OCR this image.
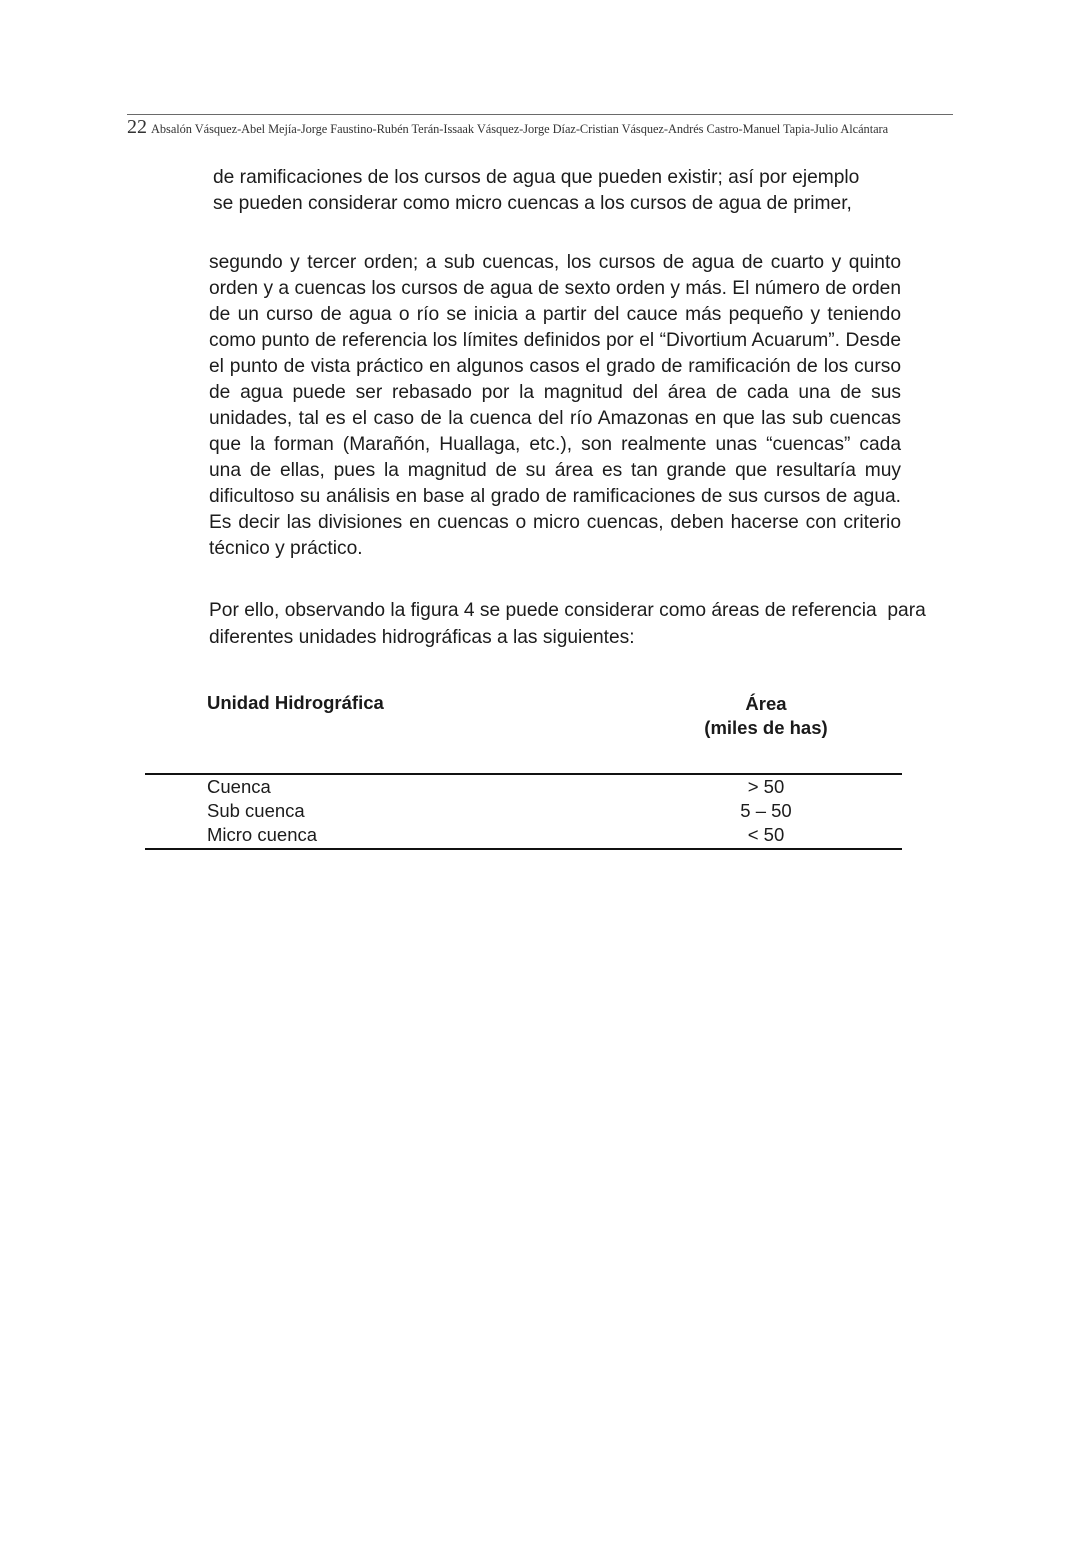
22 Absalón Vásquez-Abel Mejía-Jorge Faustino-Rubén Terán-Issaak Vásquez-Jorge Díaz-Cristian Vásquez-Andrés Castro-Manuel Tapia-Julio Alcántara
de ramificaciones de los cursos de agua que pueden existir; así por ejemplo
se pueden considerar como micro cuencas a los cursos de agua de primer,
segundo y tercer orden; a sub cuencas, los cursos de agua de cuarto y quinto orden y a cuencas los cursos de agua de sexto orden y más. El número de orden de un curso de agua o río se inicia a partir del cauce más pequeño y teniendo como punto de referencia los límites definidos por el “Divortium Acuarum”. Desde el punto de vista práctico en algunos casos el grado de ramificación de los curso de agua puede ser rebasado por la magnitud del área de cada una de sus unidades, tal es el caso de la cuenca del río Amazonas en que las sub cuencas que la forman (Marañón, Huallaga, etc.), son realmente unas “cuencas” cada una de ellas, pues la magnitud de su área es tan grande que resultaría muy dificultoso su análisis en base al grado de ramificaciones de sus cursos de agua. Es decir las divisiones en cuencas o micro cuencas, deben hacerse con criterio técnico y práctico.
Por ello, observando la figura 4 se puede considerar como áreas de referencia  para
diferentes unidades hidrográficas a las siguientes:
Unidad Hidrográfica	Área
(miles de has)
Cuenca	> 50
Sub cuenca	5 – 50
Micro cuenca	< 50
